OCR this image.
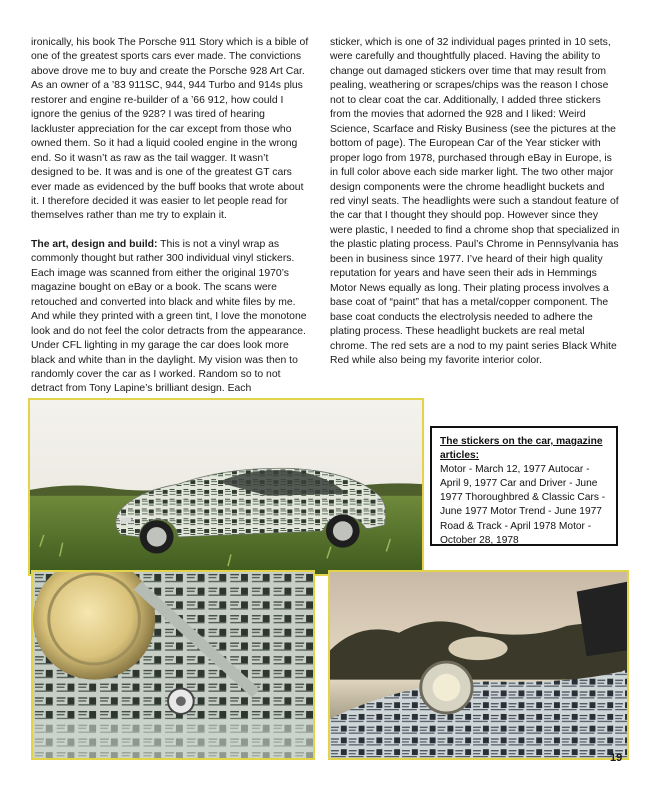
ironically, his book The Porsche 911 Story which is a bible of one of the greatest sports cars ever made. The convictions above drove me to buy and create the Porsche 928 Art Car. As an owner of a ’83 911SC, 944, 944 Turbo and 914s plus restorer and engine re-builder of a ’66 912, how could I ignore the genius of the 928? I was tired of hearing lackluster appreciation for the car except from those who owned them. So it had a liquid cooled engine in the wrong end. So it wasn’t as raw as the tail wagger. It wasn’t designed to be. It was and is one of the greatest GT cars ever made as evidenced by the buff books that wrote about it. I therefore decided it was easier to let people read for themselves rather than me try to explain it.

The art, design and build: This is not a vinyl wrap as commonly thought but rather 300 individual vinyl stickers. Each image was scanned from either the original 1970’s magazine bought on eBay or a book. The scans were retouched and converted into black and white files by me. And while they printed with a green tint, I love the monotone look and do not feel the color detracts from the appearance. Under CFL lighting in my garage the car does look more black and white than in the daylight. My vision was then to randomly cover the car as I worked. Random so to not detract from Tony Lapine’s brilliant design. Each

sticker, which is one of 32 individual pages printed in 10 sets, were carefully and thoughtfully placed. Having the ability to change out damaged stickers over time that may result from pealing, weathering or scrapes/chips was the reason I chose not to clear coat the car. Additionally, I added three stickers from the movies that adorned the 928 and I liked: Weird Science, Scarface and Risky Business (see the pictures at the bottom of page). The European Car of the Year sticker with proper logo from 1978, purchased through eBay in Europe, is in full color above each side marker light. The two other major design components were the chrome headlight buckets and red vinyl seats. The headlights were such a standout feature of the car that I thought they should pop. However since they were plastic, I needed to find a chrome shop that specialized in the plastic plating process. Paul’s Chrome in Pennsylvania has been in business since 1977. I’ve heard of their high quality reputation for years and have seen their ads in Hemmings Motor News equally as long. Their plating process involves a base coat of “paint” that has a metal/copper component. The base coat conducts the electrolysis needed to adhere the plating process. These headlight buckets are real metal chrome. The red sets are a nod to my paint series Black White Red while also being my favorite interior color.

The stickers on the car, magazine articles:
Motor - March 12, 1977 Autocar - April 9, 1977 Car and Driver - June 1977 Thoroughbred & Classic Cars - June 1977 Motor Trend - June 1977 Road & Track - April 1978 Motor - October 28, 1978
19
